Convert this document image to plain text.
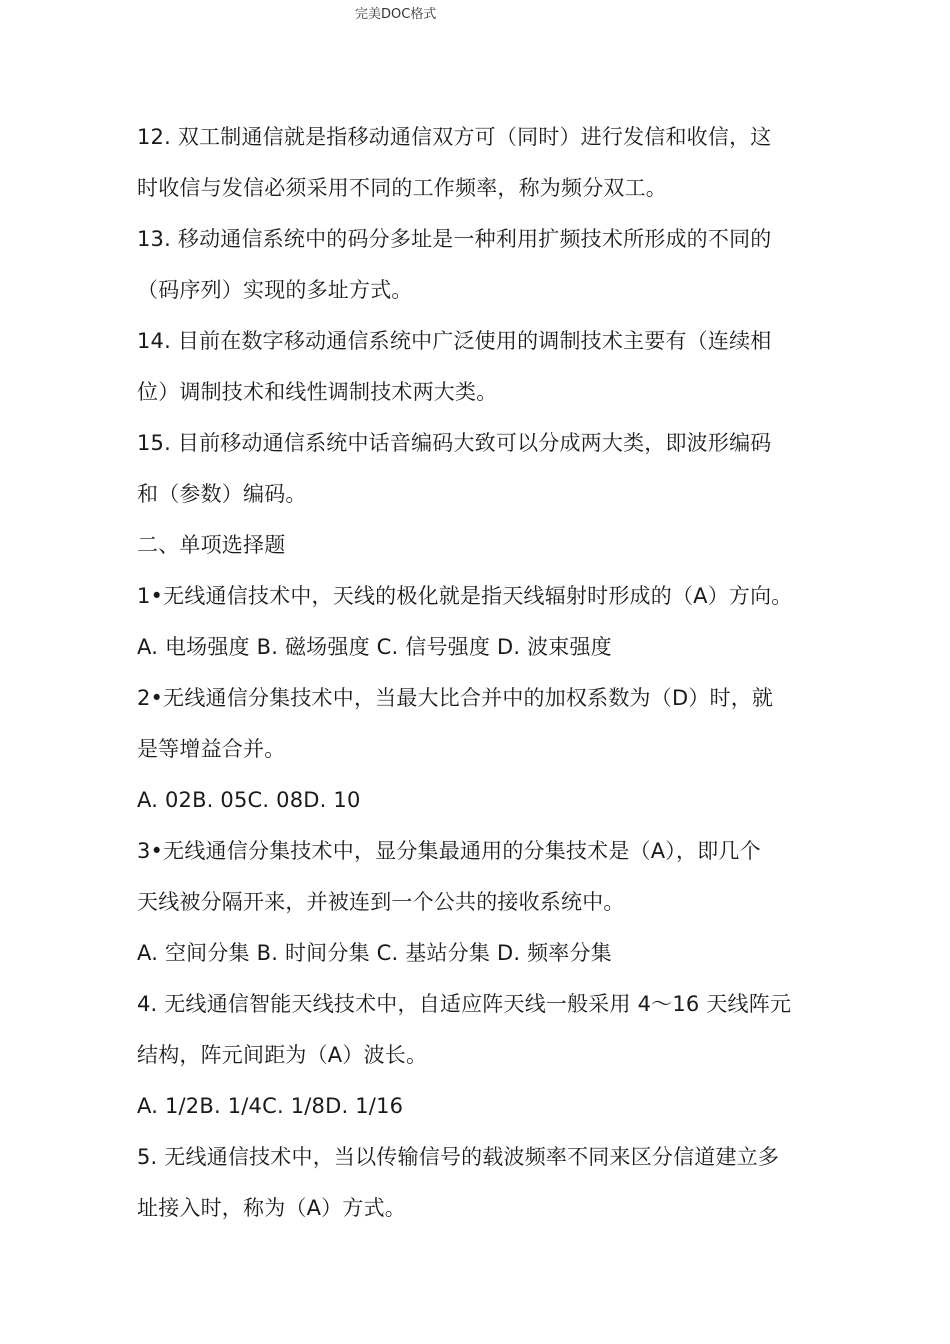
完美DOC格式
12. 双工制通信就是指移动通信双方可（同时）进行发信和收信，这
时收信与发信必须采用不同的工作频率，称为频分双工。
13. 移动通信系统中的码分多址是一种利用扩频技术所形成的不同的
（码序列）实现的多址方式。
14. 目前在数字移动通信系统中广泛使用的调制技术主要有（连续相
位）调制技术和线性调制技术两大类。
15. 目前移动通信系统中话音编码大致可以分成两大类，即波形编码
和（参数）编码。
二、单项选择题
1•无线通信技术中，天线的极化就是指天线辐射时形成的（A）方向。
A. 电场强度 B. 磁场强度 C. 信号强度 D. 波束强度
2•无线通信分集技术中，当最大比合并中的加权系数为（D）时，就
是等增益合并。
A. 02B. 05C. 08D. 10
3•无线通信分集技术中，显分集最通用的分集技术是（A），即几个
天线被分隔开来，并被连到一个公共的接收系统中。
A. 空间分集 B. 时间分集 C. 基站分集 D. 频率分集
4. 无线通信智能天线技术中，自适应阵天线一般采用 4〜16 天线阵元
结构，阵元间距为（A）波长。
A. 1/2B. 1/4C. 1/8D. 1/16
5. 无线通信技术中，当以传输信号的载波频率不同来区分信道建立多
址接入时，称为（A）方式。
